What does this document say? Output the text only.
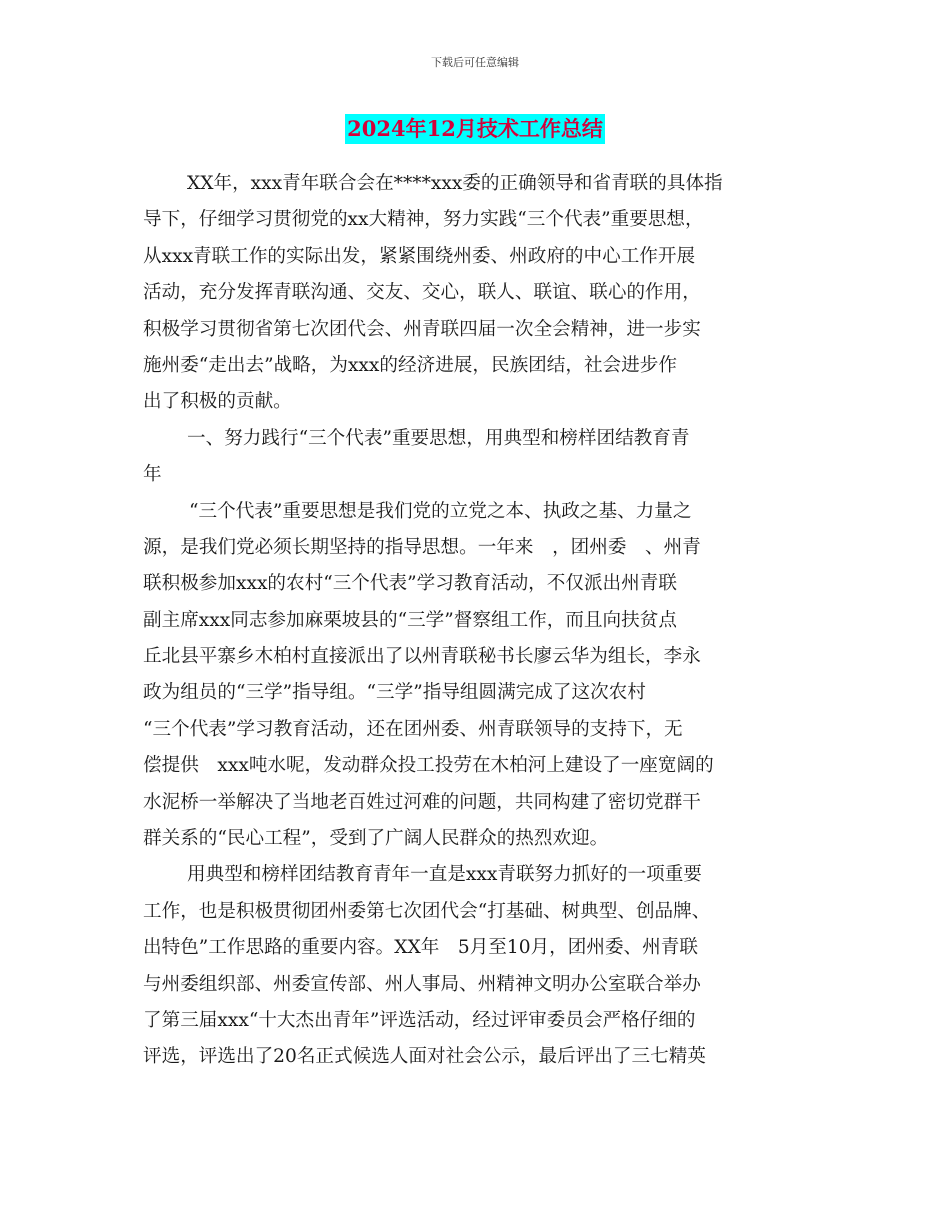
下载后可任意编辑
2024年12月技术工作总结
XX年，xxx青年联合会在****xxx委的正确领导和省青联的具体指
导下，仔细学习贯彻党的xx大精神，努力实践“三个代表”重要思想，
从xxx青联工作的实际出发，紧紧围绕州委、州政府的中心工作开展
活动，充分发挥青联沟通、交友、交心，联人、联谊、联心的作用，
积极学习贯彻省第七次团代会、州青联四届一次全会精神，进一步实
施州委“走出去”战略，为xxx的经济进展，民族团结，社会进步作
出了积极的贡献。
一、努力践行“三个代表”重要思想，用典型和榜样团结教育青
年
“三个代表”重要思想是我们党的立党之本、执政之基、力量之
源，是我们党必须长期坚持的指导思想。一年来　，团州委　、州青
联积极参加xxx的农村“三个代表”学习教育活动，不仅派出州青联
副主席xxx同志参加麻栗坡县的“三学”督察组工作，而且向扶贫点
丘北县平寨乡木柏村直接派出了以州青联秘书长廖云华为组长，李永
政为组员的“三学”指导组。“三学”指导组圆满完成了这次农村
“三个代表”学习教育活动，还在团州委、州青联领导的支持下，无
偿提供　xxx吨水呢，发动群众投工投劳在木柏河上建设了一座宽阔的
水泥桥一举解决了当地老百姓过河难的问题，共同构建了密切党群干
群关系的“民心工程”，受到了广阔人民群众的热烈欢迎。
用典型和榜样团结教育青年一直是xxx青联努力抓好的一项重要
工作，也是积极贯彻团州委第七次团代会“打基础、树典型、创品牌、
出特色”工作思路的重要内容。XX年　5月至10月，团州委、州青联
与州委组织部、州委宣传部、州人事局、州精神文明办公室联合举办
了第三届xxx“十大杰出青年”评选活动，经过评审委员会严格仔细的
评选，评选出了20名正式候选人面对社会公示，最后评出了三七精英
